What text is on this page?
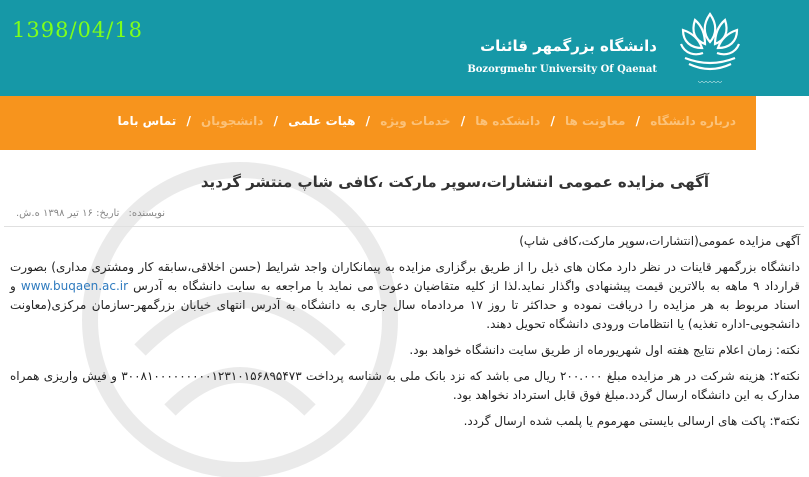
1398/04/18
دانشگاه بزرگمهر قائنات
Bozorgmehr University Of Qaenat
〰〰〰
درباره دانشگاه / معاونت ها / دانشکده ها / خدمات ویژه / هیات علمی / دانشجویان / تماس باما
آگهی مزایده عمومی انتشارات،سوپر مارکت ،کافی شاپ منتشر گردید
نویسنده: تاریخ: ۱۶ تیر ۱۳۹۸ ه.ش.

آگهی مزایده عمومی(انتشارات،سوپر مارکت،کافی شاپ)

دانشگاه بزرگمهر قاینات در نظر دارد مکان های ذیل را از طریق برگزاری مزایده به پیمانکاران واجد شرایط (حسن اخلاقی،سابقه کار ومشتری مداری) بصورت قرارداد ۹ ماهه به بالاترین قیمت پیشنهادی واگذار نماید.لذا از کلیه متقاضیان دعوت می نماید با مراجعه به سایت دانشگاه به آدرس www.buqaen.ac.ir و اسناد مربوط به هر مزایده را دریافت نموده و حداکثر تا روز ۱۷ مردادماه سال جاری به دانشگاه به آدرس انتهای خیابان بزرگمهر-سازمان مرکزی(معاونت دانشجویی-اداره تغذیه) یا انتظامات ورودی دانشگاه تحویل دهند.

نکته: زمان اعلام نتایج هفته اول شهریورماه از طریق سایت دانشگاه خواهد بود.

نکته۲: هزینه شرکت در هر مزایده مبلغ ۲۰۰.۰۰۰ ریال می باشد که نزد بانک ملی به شناسه پرداخت ۳۰۰۸۱۰۰۰۰۰۰۰۰۰۱۲۳۱۰۱۵۶۸۹۵۴۷۳ و فیش واریزی همراه مدارک به این دانشگاه ارسال گردد.مبلغ فوق قابل استرداد نخواهد بود.

نکته۳: پاکت های ارسالی بایستی مهرموم یا پلمب شده ارسال گردد.
